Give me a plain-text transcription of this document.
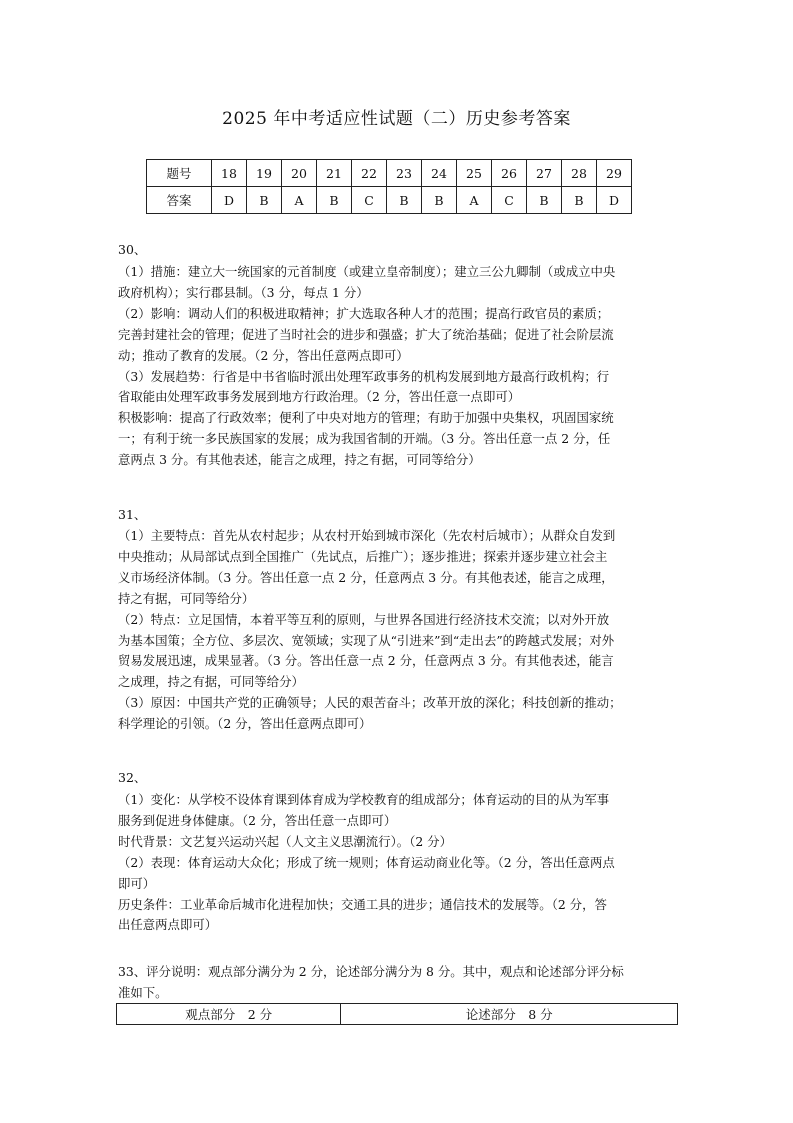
2025 年中考适应性试题（二）历史参考答案
题号	18	19	20	21	22	23	24	25	26	27	28	29
答案	D	B	A	B	C	B	B	A	C	B	B	D
30、

（1）措施：建立大一统国家的元首制度（或建立皇帝制度）；建立三公九卿制（或成立中央

政府机构）；实行郡县制。（3 分，每点 1 分）

（2）影响：调动人们的积极进取精神；扩大选取各种人才的范围；提高行政官员的素质；

完善封建社会的管理；促进了当时社会的进步和强盛；扩大了统治基础；促进了社会阶层流

动；推动了教育的发展。（2 分，答出任意两点即可）

（3）发展趋势：行省是中书省临时派出处理军政事务的机构发展到地方最高行政机构；行

省取能由处理军政事务发展到地方行政治理。（2 分，答出任意一点即可）

积极影响：提高了行政效率；便利了中央对地方的管理；有助于加强中央集权，巩固国家统

一；有利于统一多民族国家的发展；成为我国省制的开端。（3 分。答出任意一点 2 分，任

意两点 3 分。有其他表述，能言之成理，持之有据，可同等给分）

31、

（1）主要特点：首先从农村起步；从农村开始到城市深化（先农村后城市）；从群众自发到

中央推动；从局部试点到全国推广（先试点，后推广）；逐步推进；探索并逐步建立社会主

义市场经济体制。（3 分。答出任意一点 2 分，任意两点 3 分。有其他表述，能言之成理，

持之有据，可同等给分）

（2）特点：立足国情，本着平等互利的原则，与世界各国进行经济技术交流；以对外开放

为基本国策；全方位、多层次、宽领域；实现了从“引进来”到“走出去”的跨越式发展；对外

贸易发展迅速，成果显著。（3 分。答出任意一点 2 分，任意两点 3 分。有其他表述，能言

之成理，持之有据，可同等给分）

（3）原因：中国共产党的正确领导；人民的艰苦奋斗；改革开放的深化；科技创新的推动；

科学理论的引领。（2 分，答出任意两点即可）

32、

（1）变化：从学校不设体育课到体育成为学校教育的组成部分；体育运动的目的从为军事

服务到促进身体健康。（2 分，答出任意一点即可）

时代背景：文艺复兴运动兴起（人文主义思潮流行）。（2 分）

（2）表现：体育运动大众化；形成了统一规则；体育运动商业化等。（2 分，答出任意两点

即可）

历史条件：工业革命后城市化进程加快；交通工具的进步；通信技术的发展等。（2 分，答

出任意两点即可）

33、评分说明：观点部分满分为 2 分，论述部分满分为 8 分。其中，观点和论述部分评分标

准如下。

观点部分　2 分	论述部分　8 分
